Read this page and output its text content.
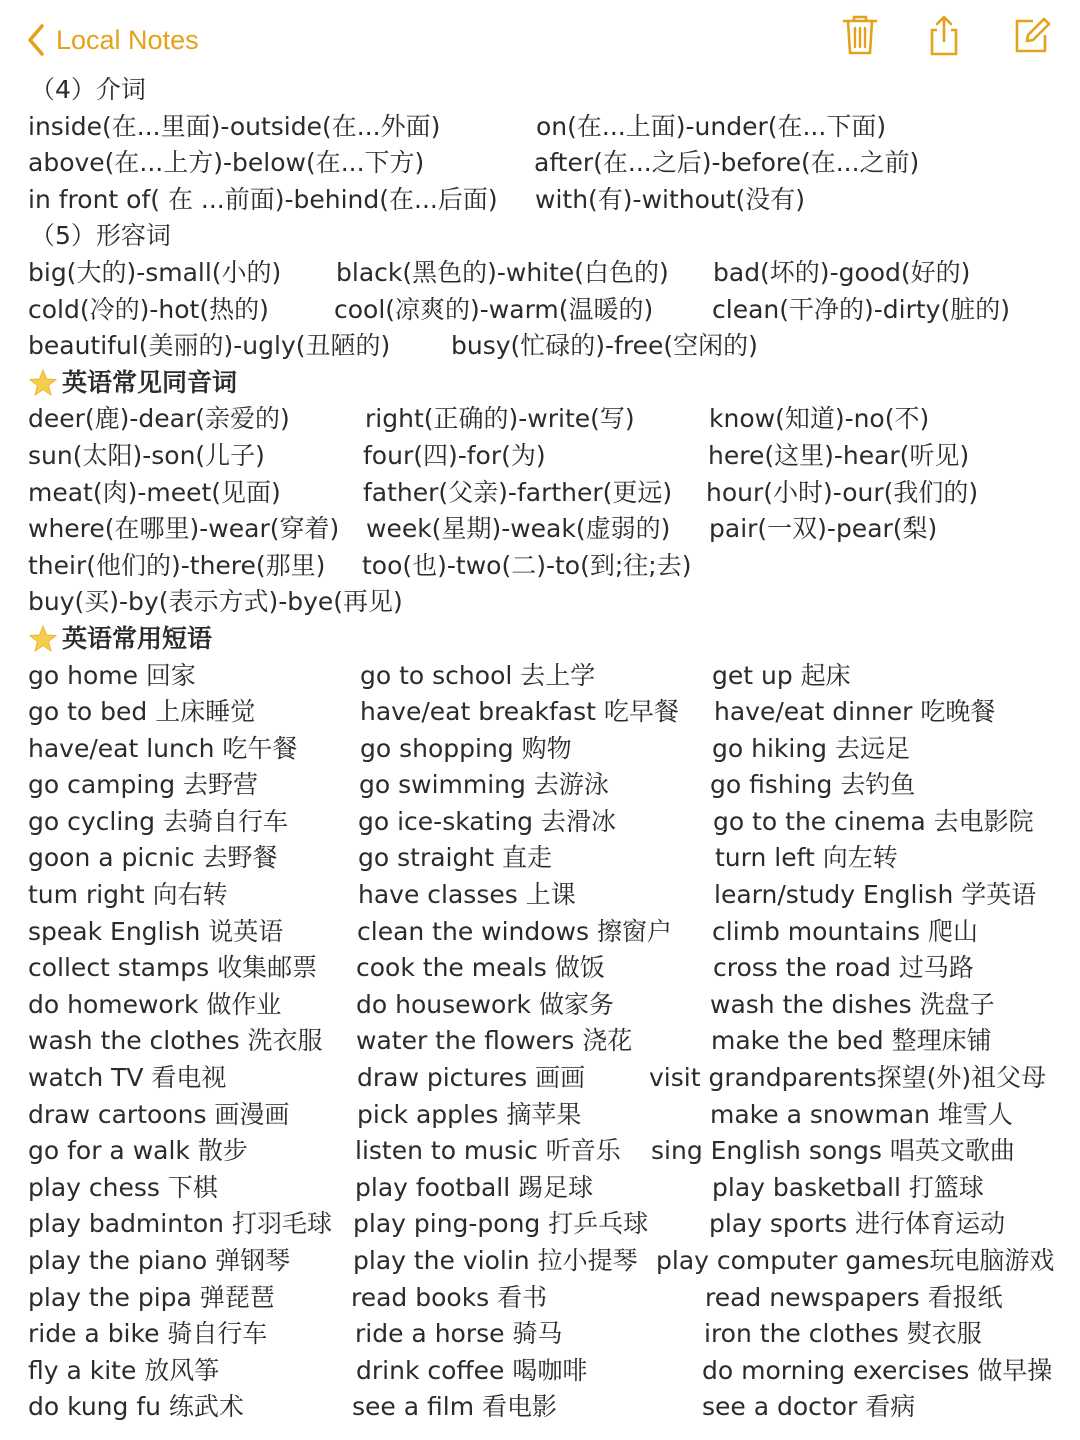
Local Notes
（4）介词
inside(在...里面)-outside(在...外面)	on(在...上面)-under(在...下面)
above(在...上方)-below(在...下方)	after(在...之后)-before(在...之前)
in front of( 在 ...前面)-behind(在...后面) with(有)-without(没有)
（5）形容词
big(大的)-small(小的) black(黑色的)-white(白色的) bad(坏的)-good(好的)
cold(冷的)-hot(热的)	cool(凉爽的)-warm(温暖的) clean(干净的)-dirty(脏的)
beautiful(美丽的)-ugly(丑陋的) busy(忙碌的)-free(空闲的)
英语常见同音词
deer(鹿)-dear(亲爱的)	right(正确的)-write(写)	know(知道)-no(不)
sun(太阳)-son(儿子)	four(四)-for(为)	here(这里)-hear(听见)
meat(肉)-meet(见面)	father(父亲)-farther(更远) hour(小时)-our(我们的)
where(在哪里)-wear(穿着) week(星期)-weak(虚弱的) pair(一双)-pear(梨)
their(他们的)-there(那里) too(也)-two(二)-to(到;往;去)
buy(买)-by(表示方式)-bye(再见)
英语常用短语
go home 回家	go to school 去上学	get up 起床
go to bed 上床睡觉	have/eat breakfast 吃早餐 have/eat dinner 吃晚餐
have/eat lunch 吃午餐	go shopping 购物	go hiking 去远足
go camping 去野营	go swimming 去游泳	go fishing 去钓鱼
go cycling 去骑自行车	go ice-skating 去滑冰	go to the cinema 去电影院
goon a picnic 去野餐	go straight 直走	turn left 向左转
tum right 向右转	have classes 上课	learn/study English 学英语
speak English 说英语	clean the windows 擦窗户 climb mountains 爬山
collect stamps 收集邮票 cook the meals 做饭	cross the road 过马路
do homework 做作业	do housework 做家务	wash the dishes 洗盘子
wash the clothes 洗衣服 water the flowers 浇花	make the bed 整理床铺
watch TV 看电视	draw pictures 画画	visit grandparents探望(外)祖父母
draw cartoons 画漫画	pick apples 摘苹果	make a snowman 堆雪人
go for a walk 散步	listen to music 听音乐 sing English songs 唱英文歌曲
play chess 下棋	play football 踢足球	play basketball 打篮球
play badminton 打羽毛球 play ping-pong 打乒乓球 play sports 进行体育运动
play the piano 弹钢琴	play the violin 拉小提琴 play computer games玩电脑游戏
play the pipa 弹琵琶	read books 看书	read newspapers 看报纸
ride a bike 骑自行车	ride a horse 骑马	iron the clothes 熨衣服
fly a kite 放风筝	drink coffee 喝咖啡	do morning exercises 做早操
do kung fu 练武术	see a film 看电影	see a doctor 看病
